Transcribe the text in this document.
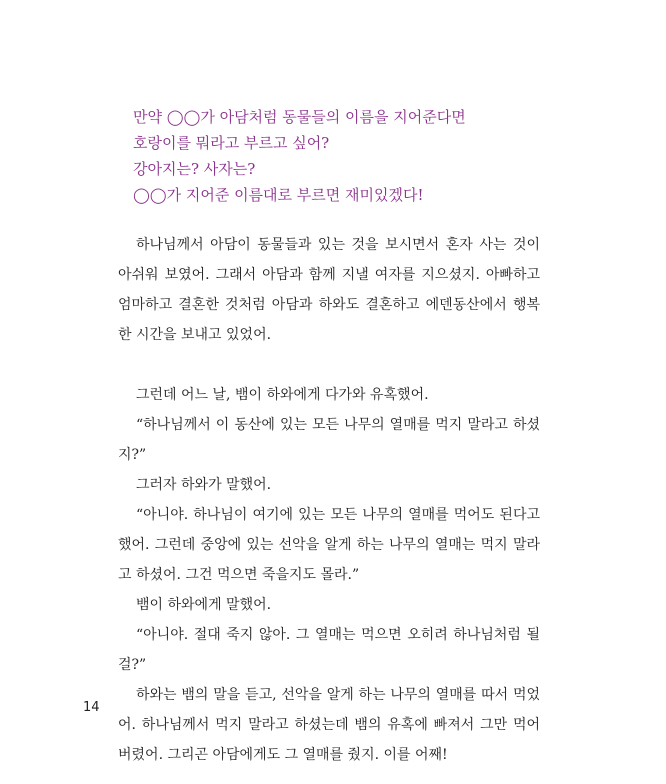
만약 ◯◯가 아담처럼 동물들의 이름을 지어준다면
호랑이를 뭐라고 부르고 싶어?
강아지는? 사자는?
◯◯가 지어준 이름대로 부르면 재미있겠다!

하나님께서 아담이 동물들과 있는 것을 보시면서 혼자 사는 것이 아쉬워 보였어. 그래서 아담과 함께 지낼 여자를 지으셨지. 아빠하고 엄마하고 결혼한 것처럼 아담과 하와도 결혼하고 에덴동산에서 행복한 시간을 보내고 있었어.

그런데 어느 날, 뱀이 하와에게 다가와 유혹했어.

“하나님께서 이 동산에 있는 모든 나무의 열매를 먹지 말라고 하셨지?”

그러자 하와가 말했어.

“아니야. 하나님이 여기에 있는 모든 나무의 열매를 먹어도 된다고 했어. 그런데 중앙에 있는 선악을 알게 하는 나무의 열매는 먹지 말라고 하셨어. 그건 먹으면 죽을지도 몰라.”

뱀이 하와에게 말했어.

“아니야. 절대 죽지 않아. 그 열매는 먹으면 오히려 하나님처럼 될 걸?”

하와는 뱀의 말을 듣고, 선악을 알게 하는 나무의 열매를 따서 먹었어. 하나님께서 먹지 말라고 하셨는데 뱀의 유혹에 빠져서 그만 먹어버렸어. 그리곤 아담에게도 그 열매를 줬지. 이를 어째!

14
